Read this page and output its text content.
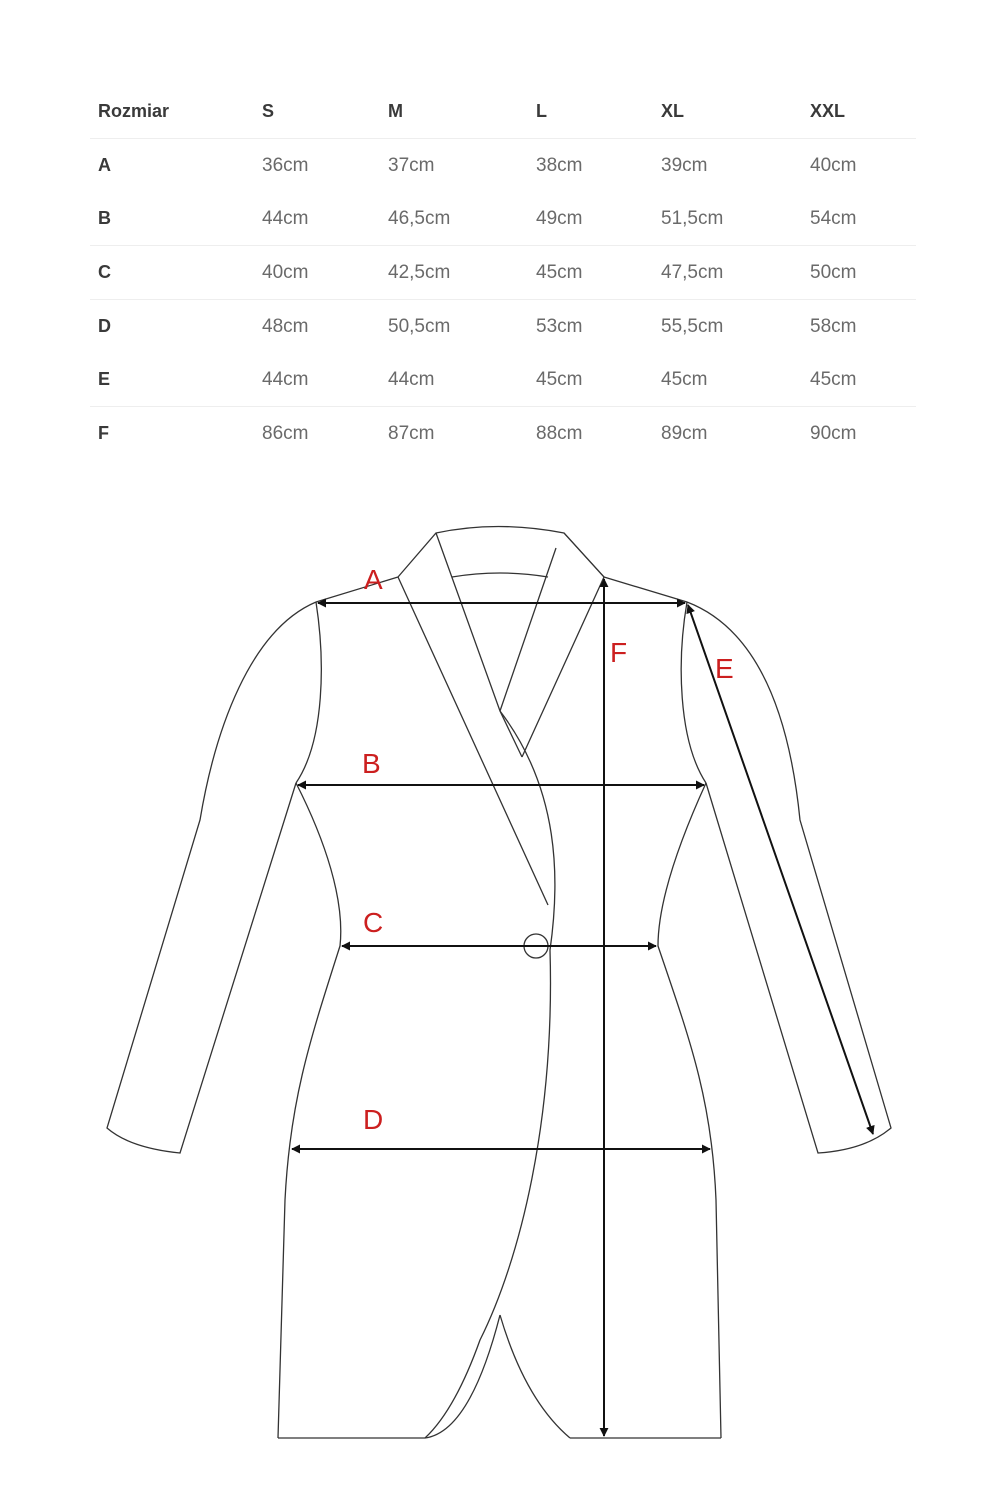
Rozmiar	S	M	L	XL	XXL
A	36cm	37cm	38cm	39cm	40cm
B	44cm	46,5cm	49cm	51,5cm	54cm
C	40cm	42,5cm	45cm	47,5cm	50cm
D	48cm	50,5cm	53cm	55,5cm	58cm
E	44cm	44cm	45cm	45cm	45cm
F	86cm	87cm	88cm	89cm	90cm
A
B
C
D
E
F
